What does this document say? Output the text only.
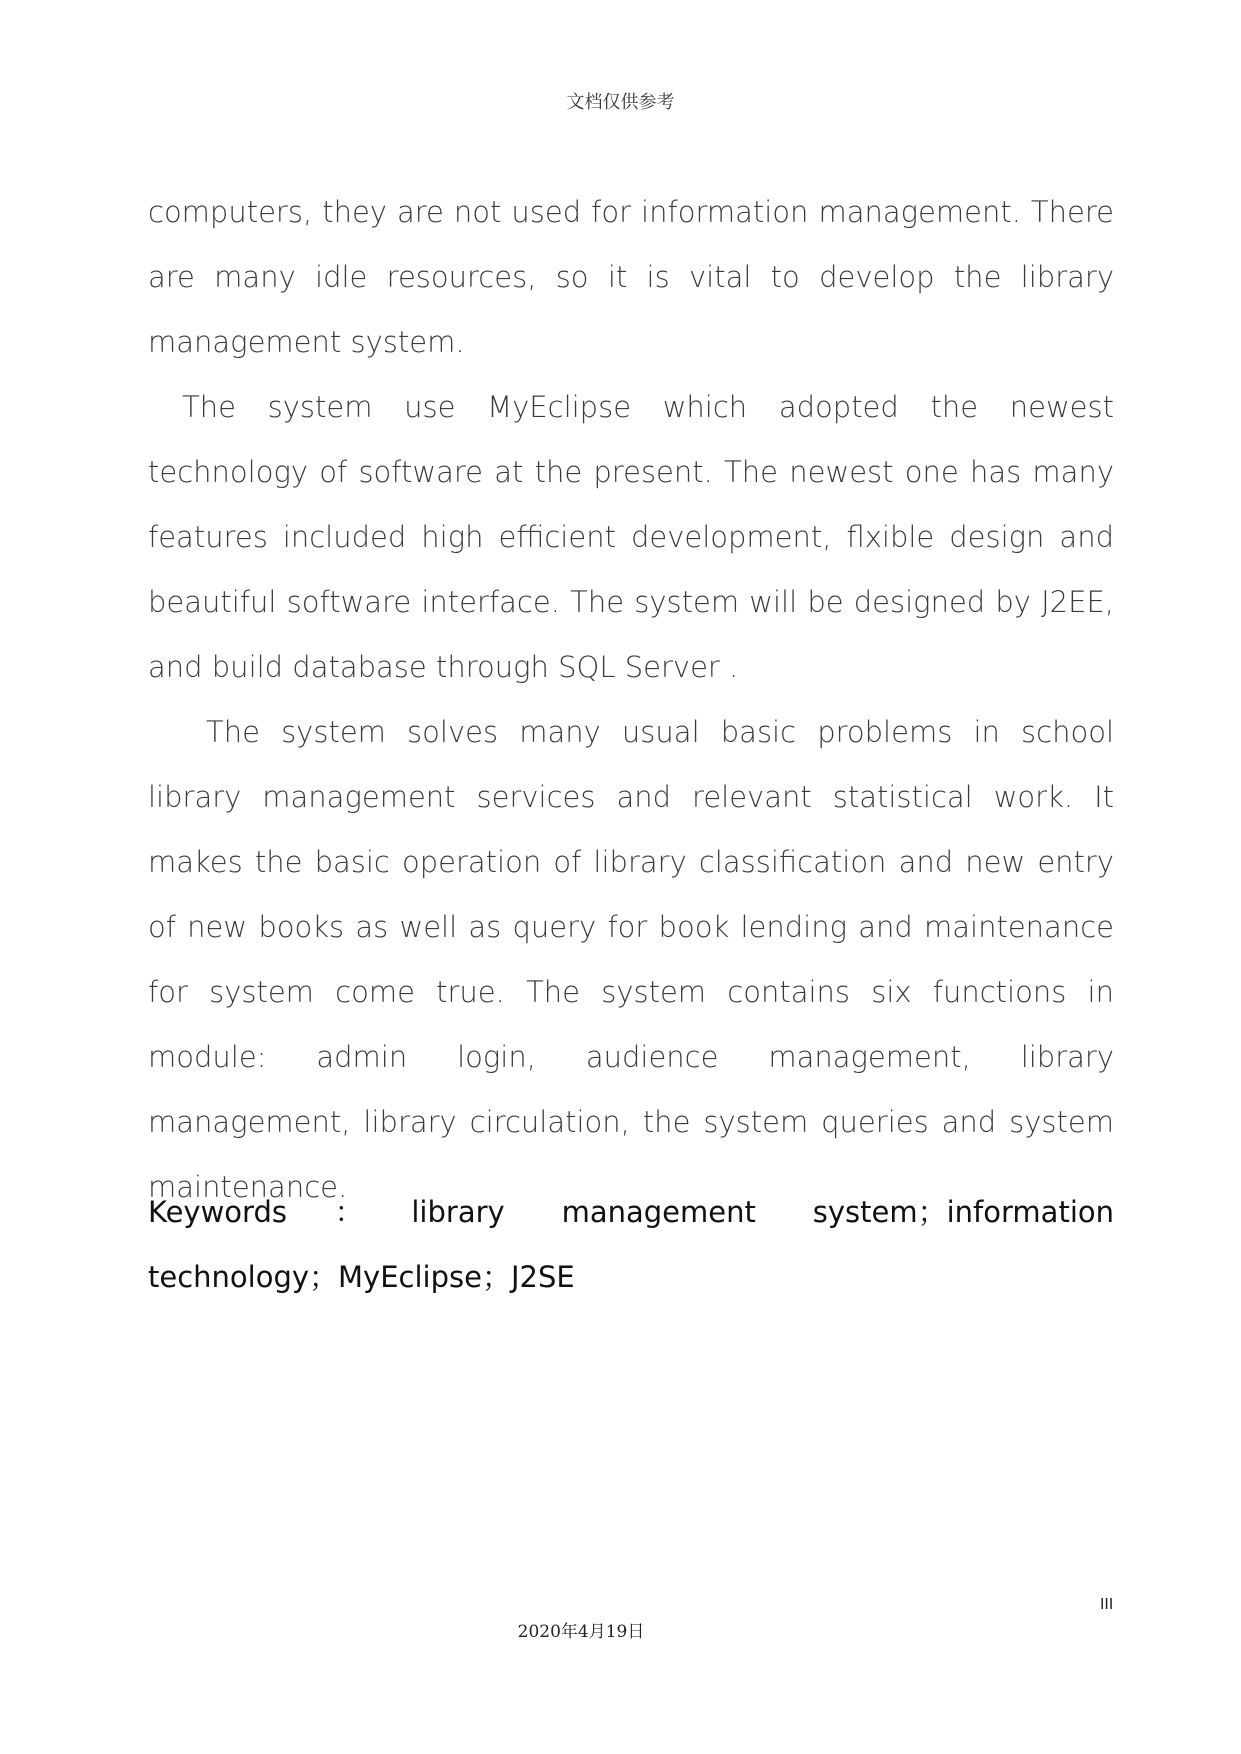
文档仅供参考

computers, they are not used for information management. There are many idle resources, so it is vital to develop the library management system.

The system use MyEclipse which adopted the newest technology of software at the present. The newest one has many features included high efficient development, flxible design and beautiful software interface. The system will be designed by J2EE, and build database through SQL Server .

The system solves many usual basic problems in school library management services and relevant statistical work. It makes the basic operation of library classification and new entry of new books as well as query for book lending and maintenance for system come true. The system contains six functions in module: admin login, audience management, library management, library circulation, the system queries and system maintenance.

Keywords：library management system；information technology；MyEclipse；J2SE

III
2020年4月19日
